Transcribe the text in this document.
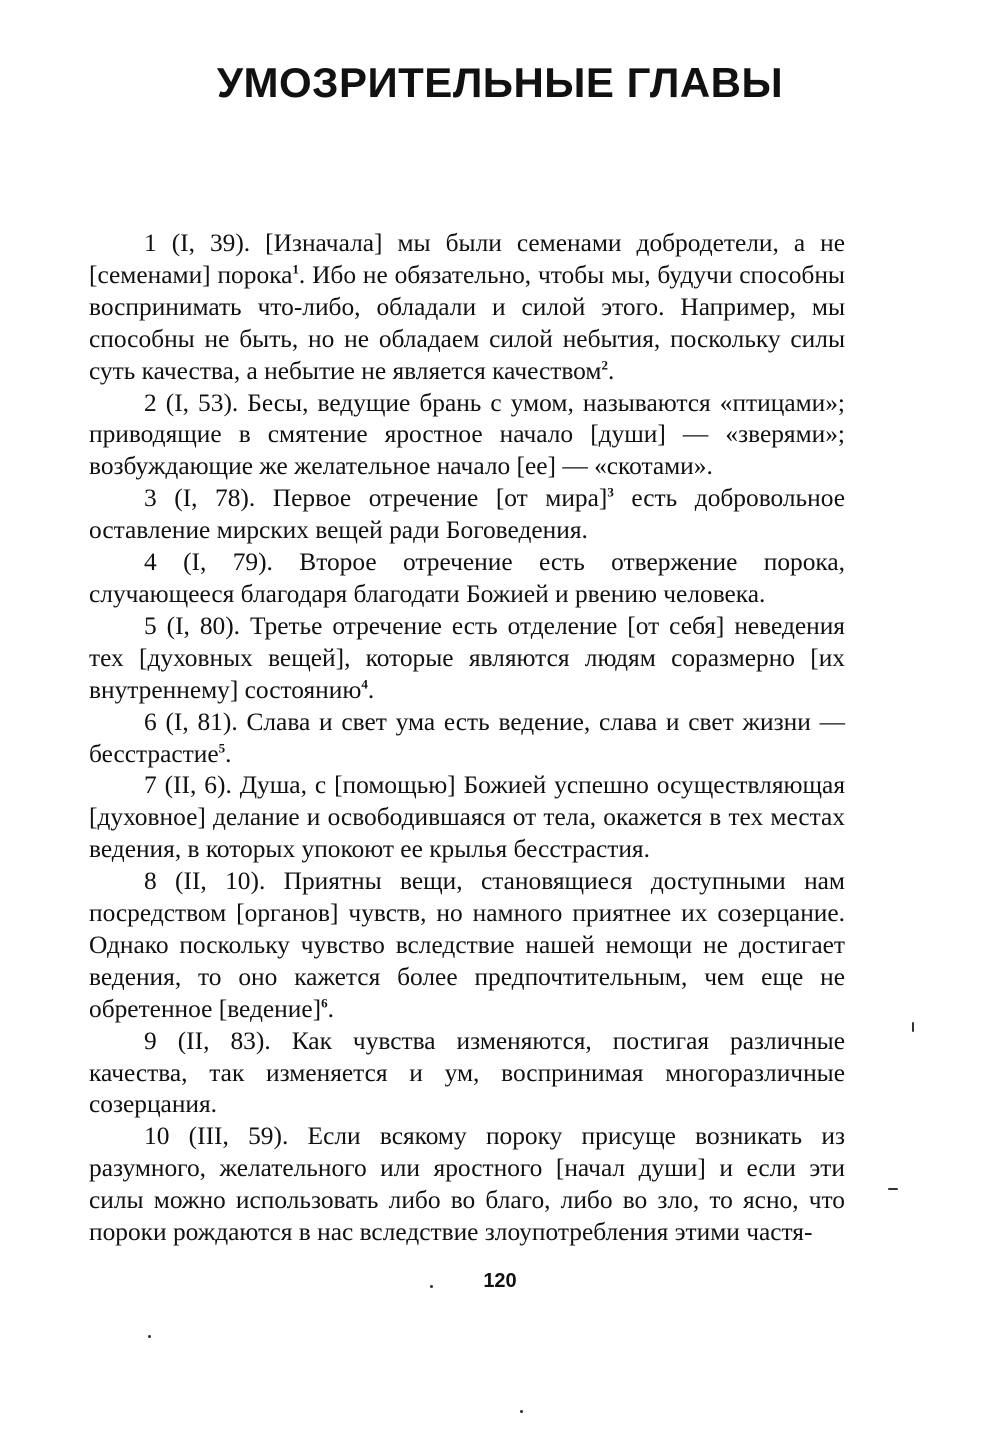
УМОЗРИТЕЛЬНЫЕ ГЛАВЫ

1 (I, 39). [Изначала] мы были семенами добродетели, а не [семенами] порока$^1$. Ибо не обязательно, чтобы мы, будучи способны воспринимать что-либо, обладали и силой этого. Например, мы способны не быть, но не обладаем силой небытия, поскольку силы суть качества, а небытие не является качеством$^2$.

2 (I, 53). Бесы, ведущие брань с умом, называются «птицами»; приводящие в смятение яростное начало [души] — «зверями»; возбуждающие же желательное начало [ее] — «скотами».

3 (I, 78). Первое отречение [от мира]$^3$ есть добровольное оставление мирских вещей ради Боговедения.

4 (I, 79). Второе отречение есть отвержение порока, случающееся благодаря благодати Божией и рвению человека.

5 (I, 80). Третье отречение есть отделение [от себя] неведения тех [духовных вещей], которые являются людям соразмерно [их внутреннему] состоянию$^4$.

6 (I, 81). Слава и свет ума есть ведение, слава и свет жизни — бесстрастие$^5$.

7 (II, 6). Душа, с [помощью] Божией успешно осуществляющая [духовное] делание и освободившаяся от тела, окажется в тех местах ведения, в которых упокоют ее крылья бесстрастия.

8 (II, 10). Приятны вещи, становящиеся доступными нам посредством [органов] чувств, но намного приятнее их созерцание. Однако поскольку чувство вследствие нашей немощи не достигает ведения, то оно кажется более предпочтительным, чем еще не обретенное [ведение]$^6$.

9 (II, 83). Как чувства изменяются, постигая различные качества, так изменяется и ум, воспринимая многоразличные созерцания.

10 (III, 59). Если всякому пороку присуще возникать из разумного, желательного или яростного [начал души] и если эти силы можно использовать либо во благо, либо во зло, то ясно, что пороки рождаются в нас вследствие злоупотребления этими частя-

120
